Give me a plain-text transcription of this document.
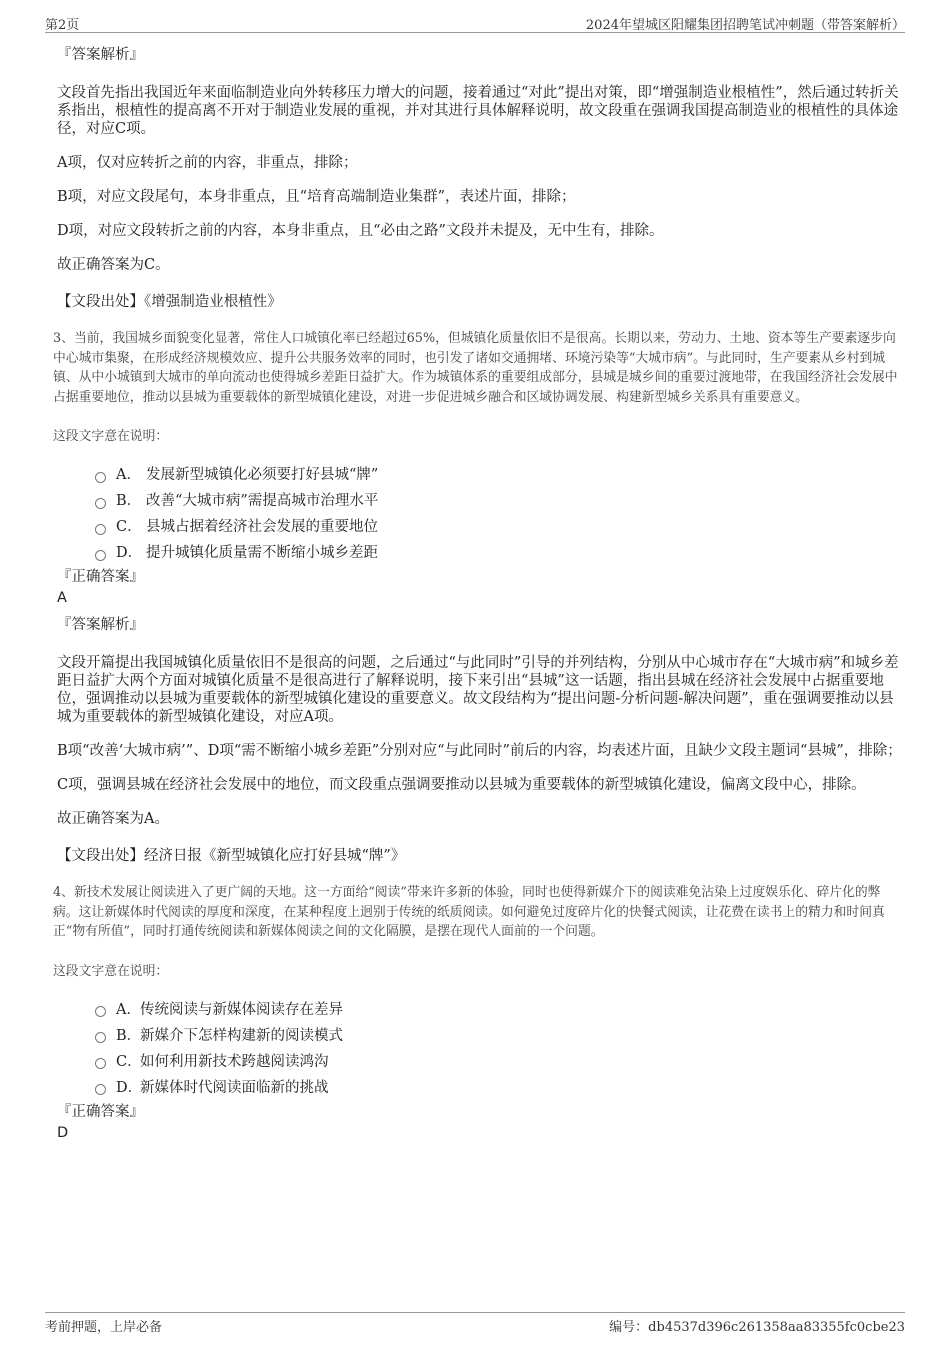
第2页	2024年望城区阳耀集团招聘笔试冲刺题（带答案解析）
『答案解析』

文段首先指出我国近年来面临制造业向外转移压力增大的问题，接着通过“对此”提出对策，即“增强制造业根植性”，然后通过转折关系指出，根植性的提高离不开对于制造业发展的重视，并对其进行具体解释说明，故文段重在强调我国提高制造业的根植性的具体途径，对应C项。

A项，仅对应转折之前的内容，非重点，排除；

B项，对应文段尾句，本身非重点，且“培育高端制造业集群”，表述片面，排除；

D项，对应文段转折之前的内容，本身非重点，且“必由之路”文段并未提及，无中生有，排除。

故正确答案为C。

【文段出处】《增强制造业根植性》

3、当前，我国城乡面貌变化显著，常住人口城镇化率已经超过65%，但城镇化质量依旧不是很高。长期以来，劳动力、土地、资本等生产要素逐步向中心城市集聚，在形成经济规模效应、提升公共服务效率的同时，也引发了诸如交通拥堵、环境污染等“大城市病”。与此同时，生产要素从乡村到城镇、从中小城镇到大城市的单向流动也使得城乡差距日益扩大。作为城镇体系的重要组成部分，县城是城乡间的重要过渡地带，在我国经济社会发展中占据重要地位，推动以县城为重要载体的新型城镇化建设，对进一步促进城乡融合和区域协调发展、构建新型城乡关系具有重要意义。

这段文字意在说明：

A． 发展新型城镇化必须要打好县城“牌”
B． 改善“大城市病”需提高城市治理水平
C． 县城占据着经济社会发展的重要地位
D． 提升城镇化质量需不断缩小城乡差距
『正确答案』
A
『答案解析』

文段开篇提出我国城镇化质量依旧不是很高的问题，之后通过“与此同时”引导的并列结构，分别从中心城市存在“大城市病”和城乡差距日益扩大两个方面对城镇化质量不是很高进行了解释说明，接下来引出“县城”这一话题，指出县城在经济社会发展中占据重要地位，强调推动以县城为重要载体的新型城镇化建设的重要意义。故文段结构为“提出问题-分析问题-解决问题”，重在强调要推动以县城为重要载体的新型城镇化建设，对应A项。

B项“改善‘大城市病’”、D项“需不断缩小城乡差距”分别对应“与此同时”前后的内容，均表述片面，且缺少文段主题词“县城”，排除；

C项，强调县城在经济社会发展中的地位，而文段重点强调要推动以县城为重要载体的新型城镇化建设，偏离文段中心，排除。

故正确答案为A。

【文段出处】经济日报《新型城镇化应打好县城“牌”》

4、新技术发展让阅读进入了更广阔的天地。这一方面给“阅读”带来许多新的体验，同时也使得新媒介下的阅读难免沾染上过度娱乐化、碎片化的弊病。这让新媒体时代阅读的厚度和深度，在某种程度上迥别于传统的纸质阅读。如何避免过度碎片化的快餐式阅读，让花费在读书上的精力和时间真正“物有所值”，同时打通传统阅读和新媒体阅读之间的文化隔膜，是摆在现代人面前的一个问题。

这段文字意在说明：

A． 传统阅读与新媒体阅读存在差异
B．
新媒介下怎样构建新的阅读模式
C．
如何利用新技术跨越阅读鸿沟
D．
新媒体时代阅读面临新的挑战
『正确答案』
D
考前押题，上岸必备	编号：db4537d396c261358aa83355fc0cbe23
